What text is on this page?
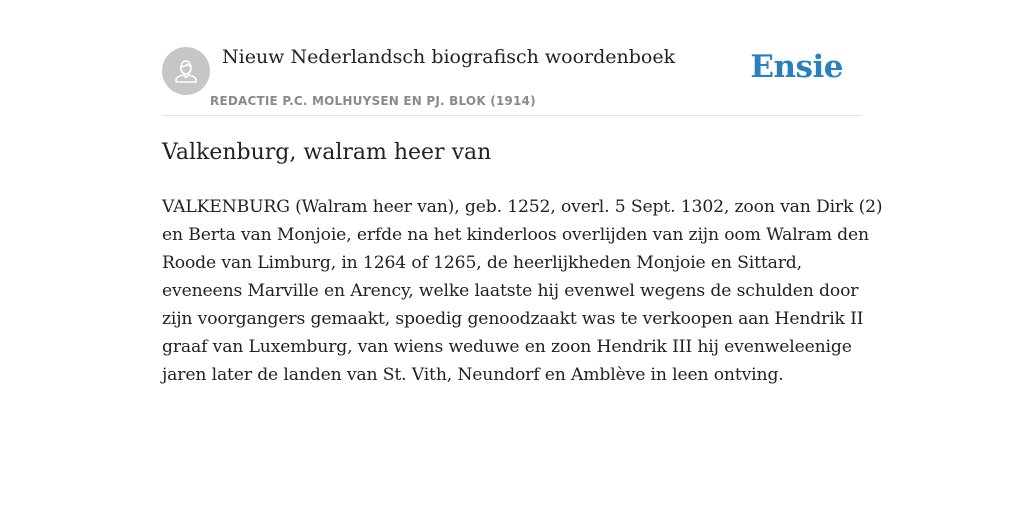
Nieuw Nederlandsch biografisch woordenboek
REDACTIE P.C. MOLHUYSEN EN PJ. BLOK (1914)
Ensie
Valkenburg, walram heer van

VALKENBURG (Walram heer van), geb. 1252, overl. 5 Sept. 1302, zoon van Dirk (2)
en Berta van Monjoie, erfde na het kinderloos overlijden van zijn oom Walram den
Roode van Limburg, in 1264 of 1265, de heerlijkheden Monjoie en Sittard,
eveneens Marville en Arency, welke laatste hij evenwel wegens de schulden door
zijn voorgangers gemaakt, spoedig genoodzaakt was te verkoopen aan Hendrik II
graaf van Luxemburg, van wiens weduwe en zoon Hendrik III hij evenweleenige
jaren later de landen van St. Vith, Neundorf en Amblève in leen ontving.
